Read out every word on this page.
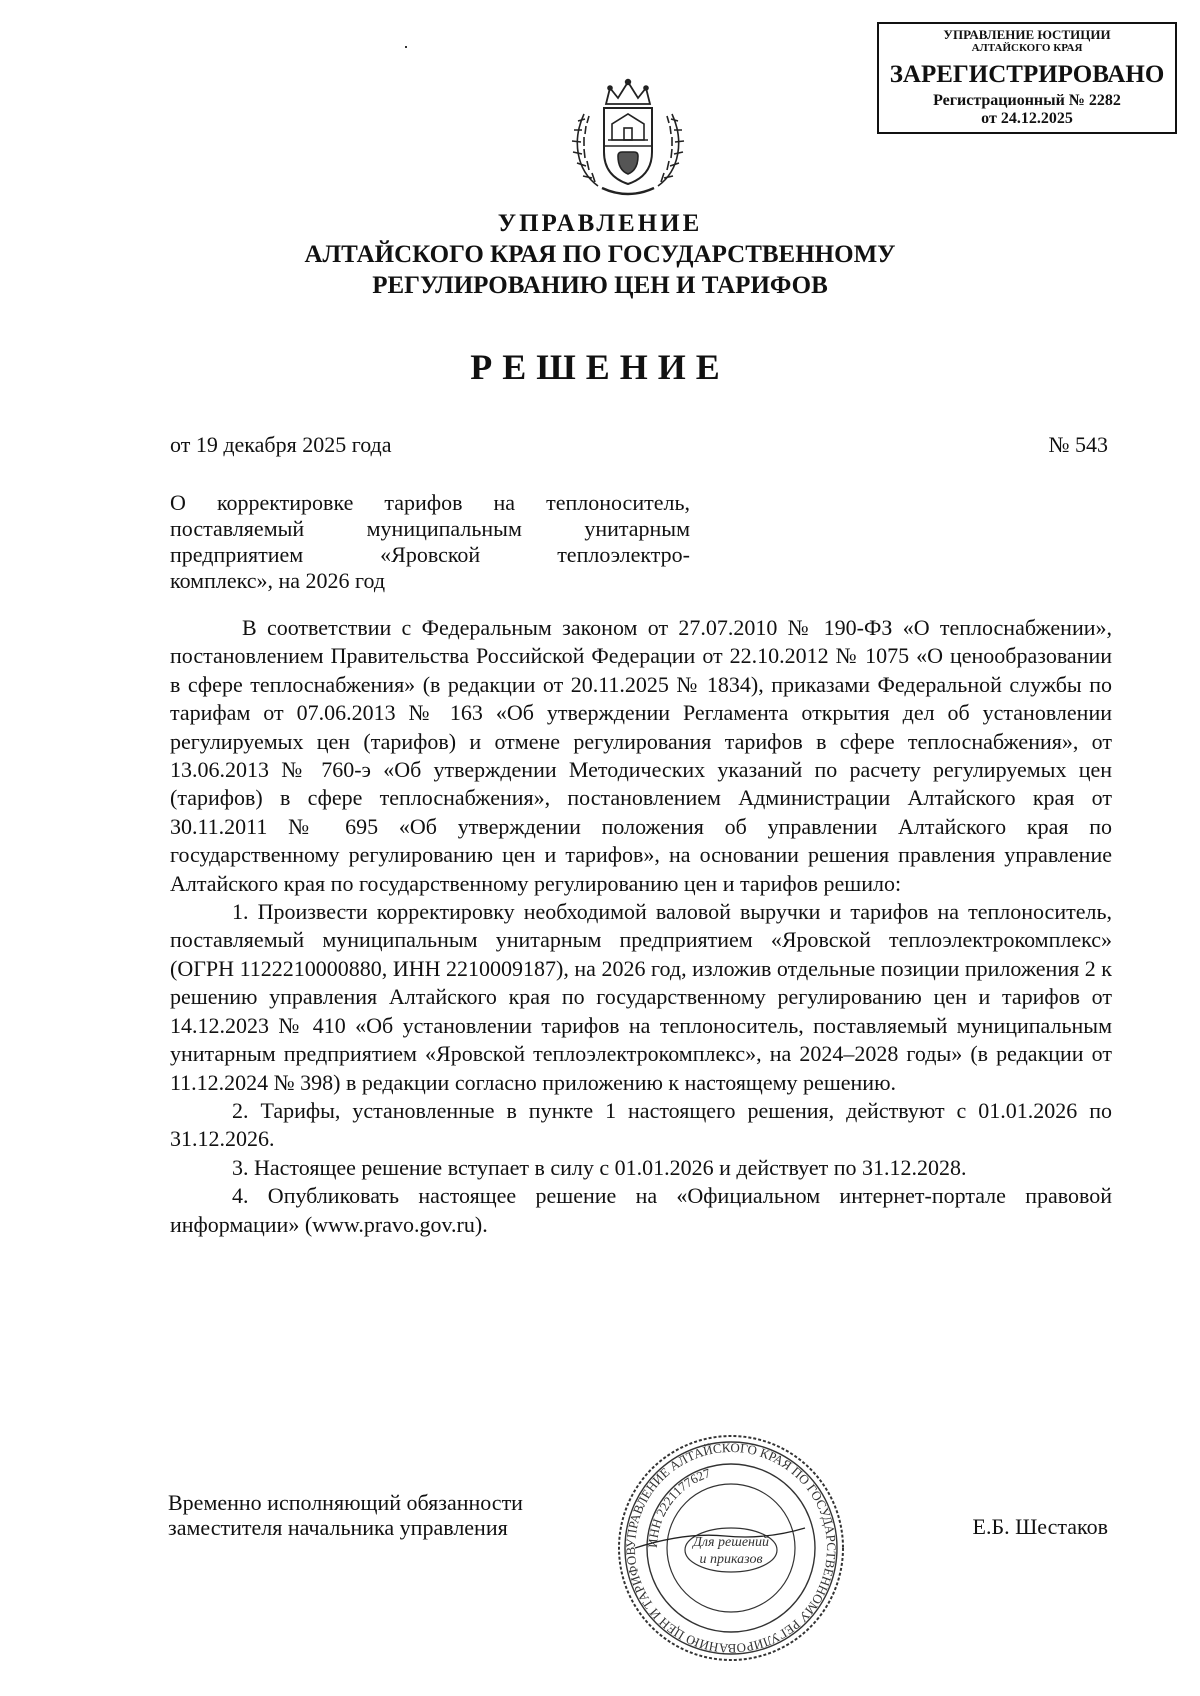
УПРАВЛЕНИЕ ЮСТИЦИИ
АЛТАЙСКОГО КРАЯ
ЗАРЕГИСТРИРОВАНО
Регистрационный № 2282
от 24.12.2025
УПРАВЛЕНИЕ
АЛТАЙСКОГО КРАЯ ПО ГОСУДАРСТВЕННОМУ
РЕГУЛИРОВАНИЮ ЦЕН И ТАРИФОВ
РЕШЕНИЕ
от 19 декабря 2025 года	№ 543
О корректировке тарифов на теплоноситель,
поставляемый муниципальным унитарным
предприятием «Яровской теплоэлектро-
комплекс», на 2026 год

В соответствии с Федеральным законом от 27.07.2010 № 190-ФЗ «О теплоснабжении», постановлением Правительства Российской Федерации от 22.10.2012 № 1075 «О ценообразовании в сфере теплоснабжения» (в редакции от 20.11.2025 № 1834), приказами Федеральной службы по тарифам от 07.06.2013 № 163 «Об утверждении Регламента открытия дел об установлении регулируемых цен (тарифов) и отмене регулирования тарифов в сфере теплоснабжения», от 13.06.2013 № 760-э «Об утверждении Методических указаний по расчету регулируемых цен (тарифов) в сфере теплоснабжения», постановлением Администрации Алтайского края от 30.11.2011 № 695 «Об утверждении положения об управлении Алтайского края по государственному регулированию цен и тарифов», на основании решения правления управление Алтайского края по государственному регулированию цен и тарифов решило:

1. Произвести корректировку необходимой валовой выручки и тарифов на теплоноситель, поставляемый муниципальным унитарным предприятием «Яровской теплоэлектрокомплекс» (ОГРН 1122210000880, ИНН 2210009187), на 2026 год, изложив отдельные позиции приложения 2 к решению управления Алтайского края по государственному регулированию цен и тарифов от 14.12.2023 № 410 «Об установлении тарифов на теплоноситель, поставляемый муниципальным унитарным предприятием «Яровской теплоэлектрокомплекс», на 2024–2028 годы» (в редакции от 11.12.2024 № 398) в редакции согласно приложению к настоящему решению.

2. Тарифы, установленные в пункте 1 настоящего решения, действуют с 01.01.2026 по 31.12.2026.

3. Настоящее решение вступает в силу с 01.01.2026 и действует по 31.12.2028.

4. Опубликовать настоящее решение на «Официальном интернет-портале правовой информации» (www.pravo.gov.ru).

Временно исполняющий обязанности
заместителя начальника управления	Е.Б. Шестаков
УПРАВЛЕНИЕ АЛТАЙСКОГО КРАЯ ПО ГОСУДАРСТВЕННОМУ РЕГУЛИРОВАНИЮ ЦЕН И ТАРИФОВ
ИНН 2221177627
Для решений
и приказов
